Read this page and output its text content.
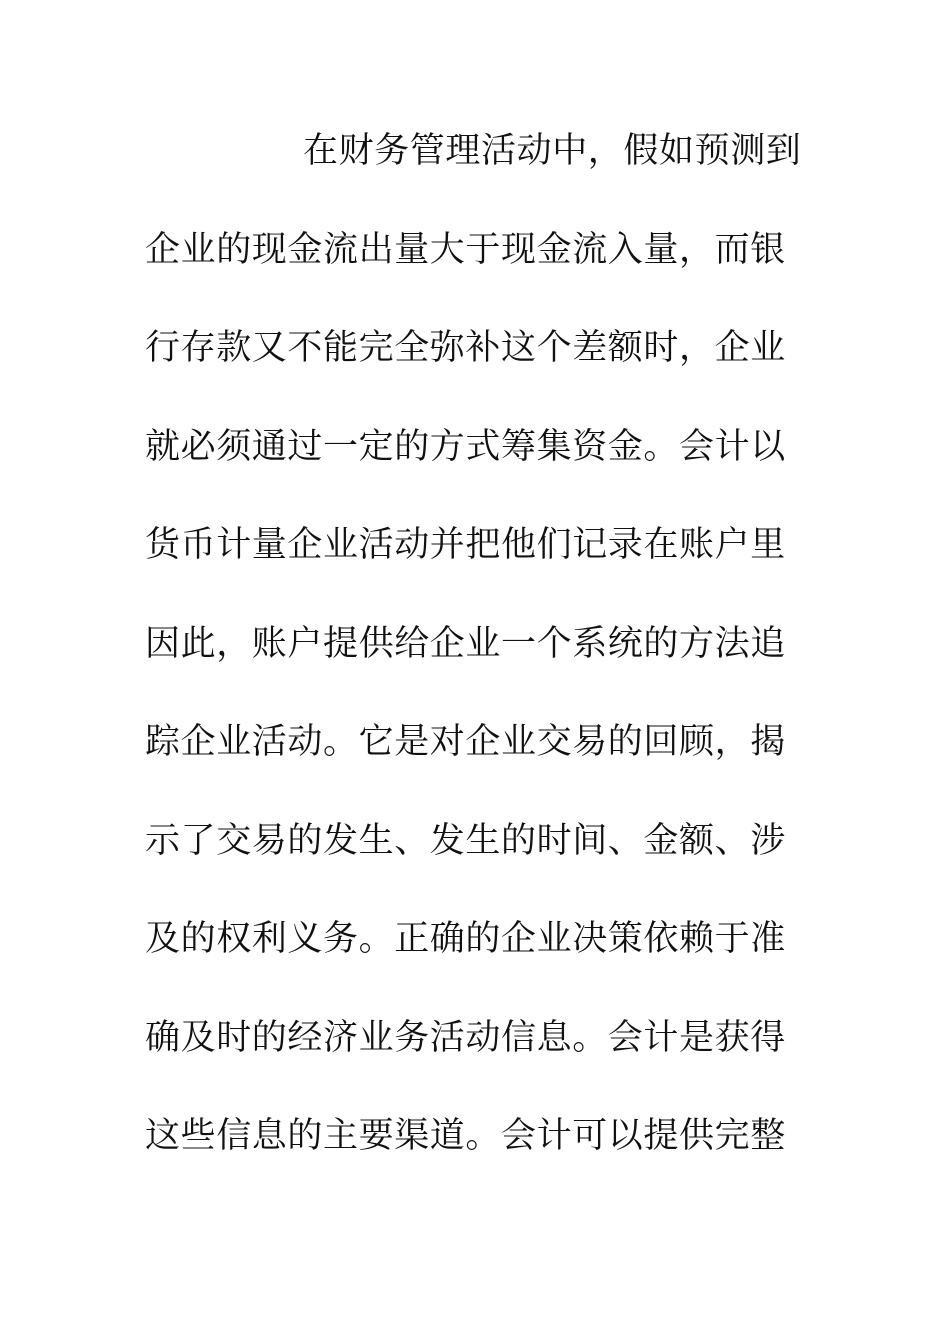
在财务管理活动中，假如预测到
企业的现金流出量大于现金流入量，而银
行存款又不能完全弥补这个差额时，企业
就必须通过一定的方式筹集资金。会计以
货币计量企业活动并把他们记录在账户里
因此，账户提供给企业一个系统的方法追
踪企业活动。它是对企业交易的回顾，揭
示了交易的发生、发生的时间、金额、涉
及的权利义务。正确的企业决策依赖于准
确及时的经济业务活动信息。会计是获得
这些信息的主要渠道。会计可以提供完整
